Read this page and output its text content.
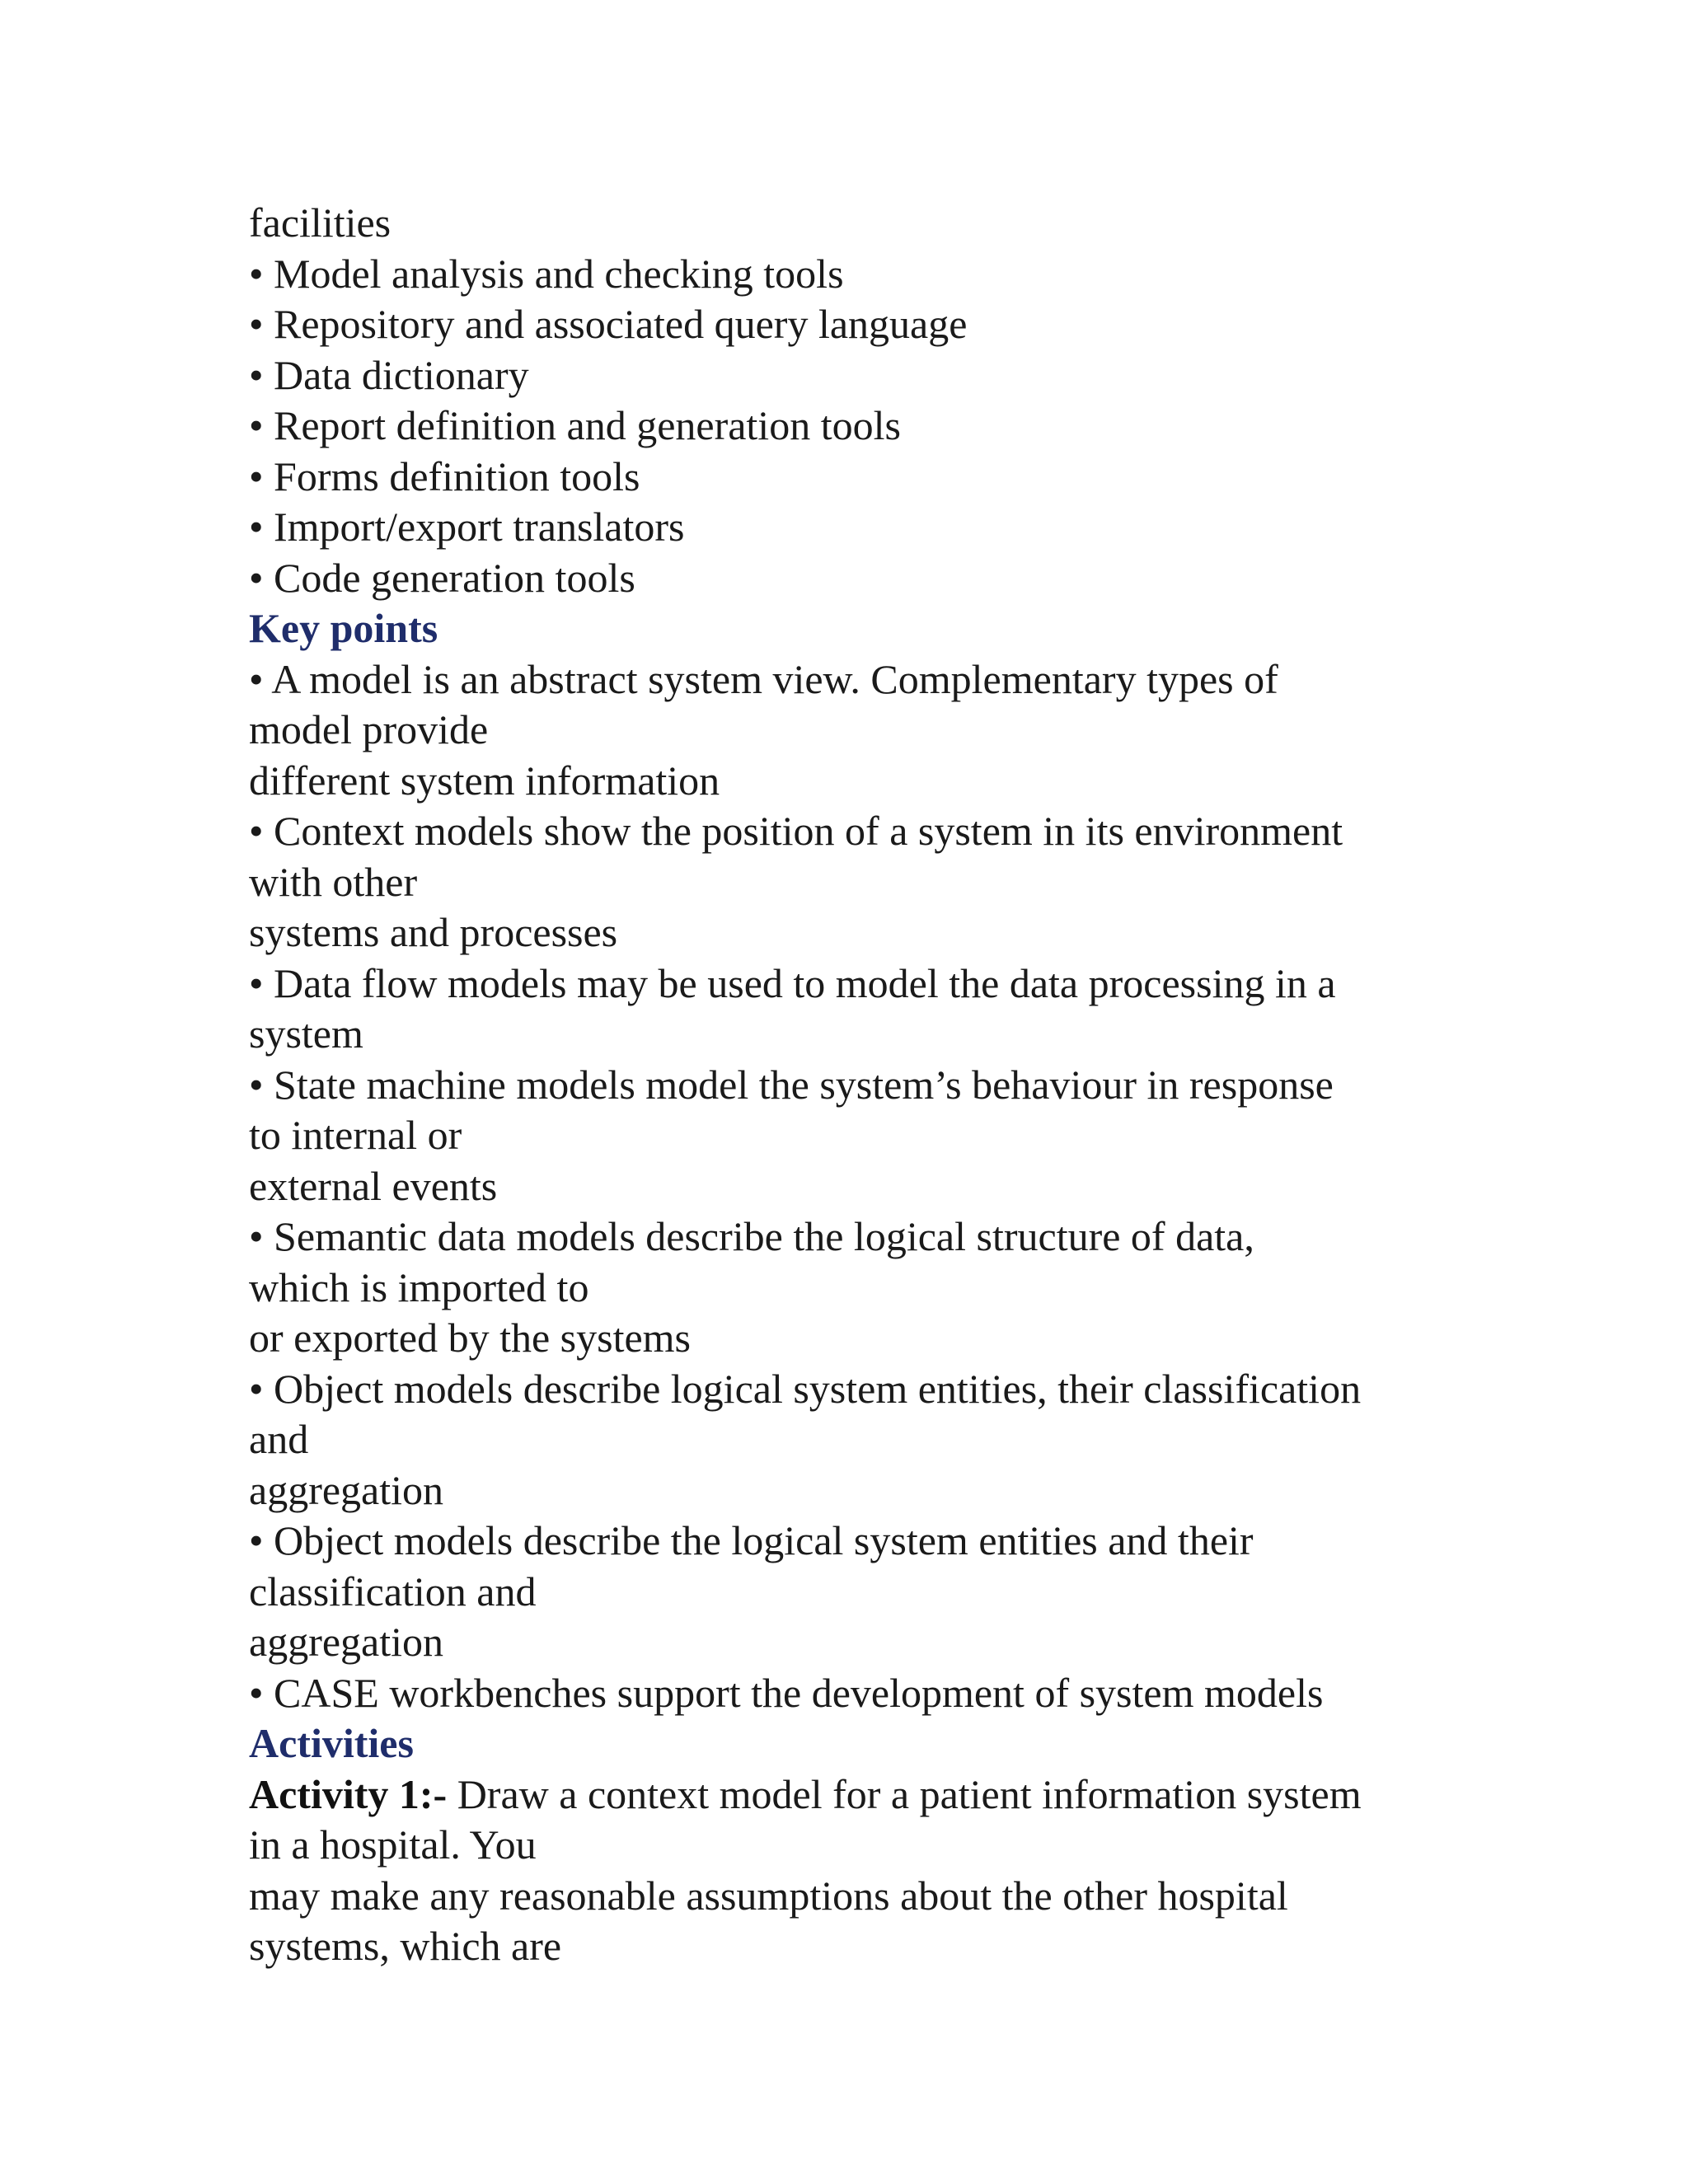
facilities
• Model analysis and checking tools
• Repository and associated query language
• Data dictionary
• Report definition and generation tools
• Forms definition tools
• Import/export translators
• Code generation tools
Key points
• A model is an abstract system view. Complementary types of
model provide
different system information
• Context models show the position of a system in its environment
with other
systems and processes
• Data flow models may be used to model the data processing in a
system
• State machine models model the system’s behaviour in response
to internal or
external events
• Semantic data models describe the logical structure of data,
which is imported to
or exported by the systems
• Object models describe logical system entities, their classification
and
aggregation
• Object models describe the logical system entities and their
classification and
aggregation
• CASE workbenches support the development of system models
Activities
Activity 1:- Draw a context model for a patient information system
in a hospital. You
may make any reasonable assumptions about the other hospital
systems, which are
